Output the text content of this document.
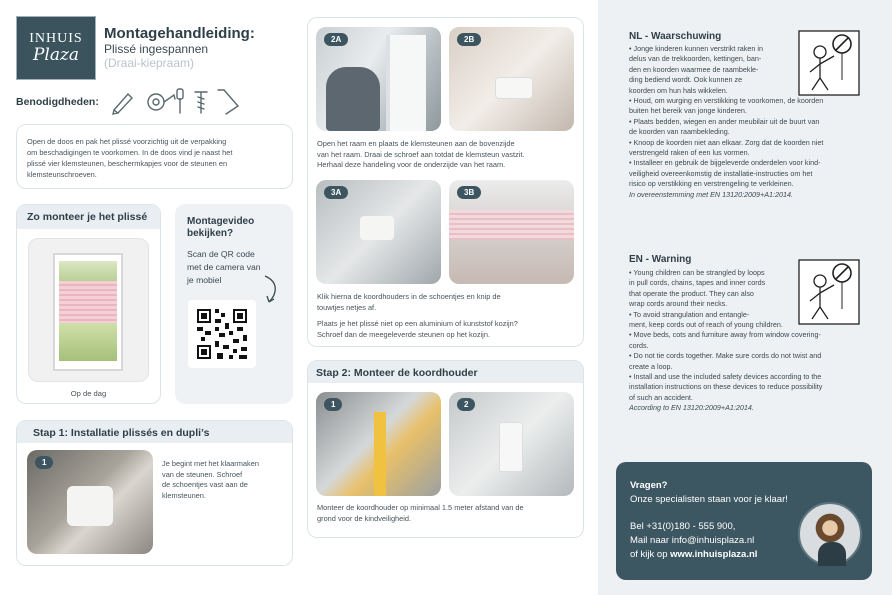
INHUIS
Plaza
Montagehandleiding:
Plissé ingespannen
(Draai-kiepraam)
Benodigdheden:
Open de doos en pak het plissé voorzichtig uit de verpakking
om beschadigingen te voorkomen. In de doos vind je naast het
plissé vier klemsteunen, beschermkapjes voor de steunen en
klemsteunschroeven.
Zo monteer je het plissé
Op de dag
Montagevideo
bekijken?
Scan de QR code
met de camera van
je mobiel
Stap 1: Installatie plissés en dupli’s
1	Je begint met het klaarmaken
van de steunen. Schroef
de schoentjes vast aan de
klemsteunen.
2A	2B
Open het raam en plaats de klemsteunen aan de bovenzijde
van het raam. Draai de schroef aan totdat de klemsteun vastzit.
Herhaal deze handeling voor de onderzijde van het raam.
3A	3B
Klik hierna de koordhouders in de schoentjes en knip de
touwtjes netjes af.
Plaats je het plissé niet op een aluminium of kunststof kozijn?
Schroef dan de meegeleverde steunen op het kozijn.
Stap 2: Monteer de koordhouder
1	2
Monteer de koordhouder op minimaal 1.5 meter afstand van de
grond voor de kindveiligheid.
NL - Waarschuwing
• Jonge kinderen kunnen verstrikt raken in
delus van de trekkoorden, kettingen, ban-
den en koorden waarmee de raambekle-
ding bediend wordt. Ook kunnen ze
koorden om hun hals wikkelen.
• Houd, om wurging en verstikking te voorkomen, de koorden
buiten het bereik van jonge kinderen.
• Plaats bedden, wiegen en ander meubilair uit de buurt van
de koorden van raambekleding.
• Knoop de koorden niet aan elkaar. Zorg dat de koorden niet
verstrengeld raken of een lus vormen.
• Installeer en gebruik de bijgeleverde onderdelen voor kind-
veiligheid overeenkomstig de installatie-instructies om het
risico op verstikking en verstrengeling te verkleinen.
In overeenstemming met EN 13120:2009+A1:2014.
EN - Warning
• Young children can be strangled by loops
in pull cords, chains, tapes and inner cords
that operate the product. They can also
wrap cords around their necks.
• To avoid strangulation and entangle-
ment, keep cords out of reach of young children.
• Move beds, cots and furniture away from window covering-
cords.
• Do not tie cords together. Make sure cords do not twist and
create a loop.
• Install and use the included safety devices according to the
installation instructions on these devices to reduce possibility
of such an accident.
According to EN 13120:2009+A1:2014.
Vragen?
Onze specialisten staan voor je klaar!
Bel +31(0)180 - 555 900,
Mail naar info@inhuisplaza.nl
of kijk op www.inhuisplaza.nl
